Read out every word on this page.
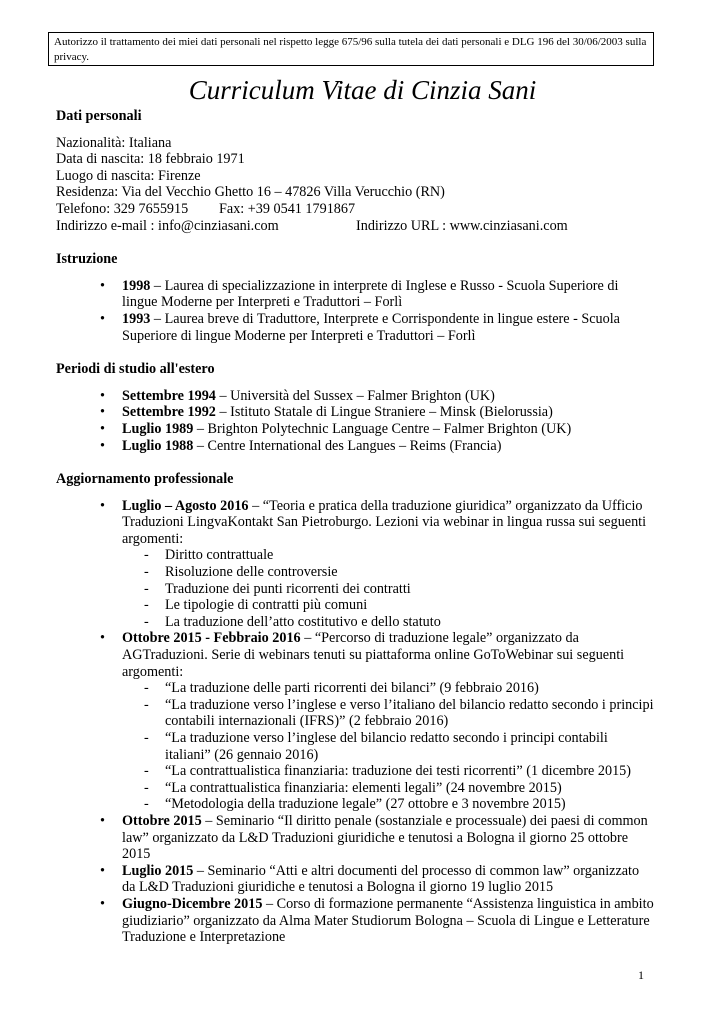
Autorizzo il trattamento dei miei dati personali nel rispetto legge 675/96 sulla tutela dei dati personali e DLG 196 del 30/06/2003 sulla privacy.
Curriculum Vitae di Cinzia Sani

Dati personali

Nazionalità: Italiana
Data di nascita: 18 febbraio 1971
Luogo di nascita: Firenze
Residenza: Via del Vecchio Ghetto 16 – 47826 Villa Verucchio (RN)
Telefono: 329 7655915 Fax: +39 0541 1791867
Indirizzo e-mail : info@cinziasani.com	Indirizzo URL : www.cinziasani.com

Istruzione

• 1998 – Laurea di specializzazione in interprete di Inglese e Russo - Scuola Superiore di lingue Moderne per Interpreti e Traduttori – Forlì
• 1993 – Laurea breve di Traduttore, Interprete e Corrispondente in lingue estere - Scuola Superiore di lingue Moderne per Interpreti e Traduttori – Forlì

Periodi di studio all'estero

• Settembre 1994 – Università del Sussex – Falmer Brighton (UK)
• Settembre 1992 – Istituto Statale di Lingue Straniere – Minsk (Bielorussia)
• Luglio 1989 – Brighton Polytechnic Language Centre – Falmer Brighton (UK)
• Luglio 1988 – Centre International des Langues – Reims (Francia)

Aggiornamento professionale

• Luglio – Agosto 2016 – “Teoria e pratica della traduzione giuridica” organizzato da Ufficio Traduzioni LingvaKontakt San Pietroburgo. Lezioni via webinar in lingua russa sui seguenti argomenti:
- Diritto contrattuale
- Risoluzione delle controversie
- Traduzione dei punti ricorrenti dei contratti
- Le tipologie di contratti più comuni
- La traduzione dell’atto costitutivo e dello statuto
• Ottobre 2015 - Febbraio 2016 – “Percorso di traduzione legale” organizzato da AGTraduzioni. Serie di webinars tenuti su piattaforma online GoToWebinar sui seguenti argomenti:
- “La traduzione delle parti ricorrenti dei bilanci” (9 febbraio 2016)
- “La traduzione verso l’inglese e verso l’italiano del bilancio redatto secondo i principi contabili internazionali (IFRS)” (2 febbraio 2016)
- “La traduzione verso l’inglese del bilancio redatto secondo i principi contabili italiani” (26 gennaio 2016)
- “La contrattualistica finanziaria: traduzione dei testi ricorrenti” (1 dicembre 2015)
- “La contrattualistica finanziaria: elementi legali” (24 novembre 2015)
- “Metodologia della traduzione legale” (27 ottobre e 3 novembre 2015)
• Ottobre 2015 – Seminario “Il diritto penale (sostanziale e processuale) dei paesi di common law” organizzato da L&D Traduzioni giuridiche e tenutosi a Bologna il giorno 25 ottobre 2015
• Luglio 2015 – Seminario “Atti e altri documenti del processo di common law” organizzato da L&D Traduzioni giuridiche e tenutosi a Bologna il giorno 19 luglio 2015
• Giugno-Dicembre 2015 – Corso di formazione permanente “Assistenza linguistica in ambito giudiziario” organizzato da Alma Mater Studiorum Bologna – Scuola di Lingue e Letterature Traduzione e Interpretazione
1
